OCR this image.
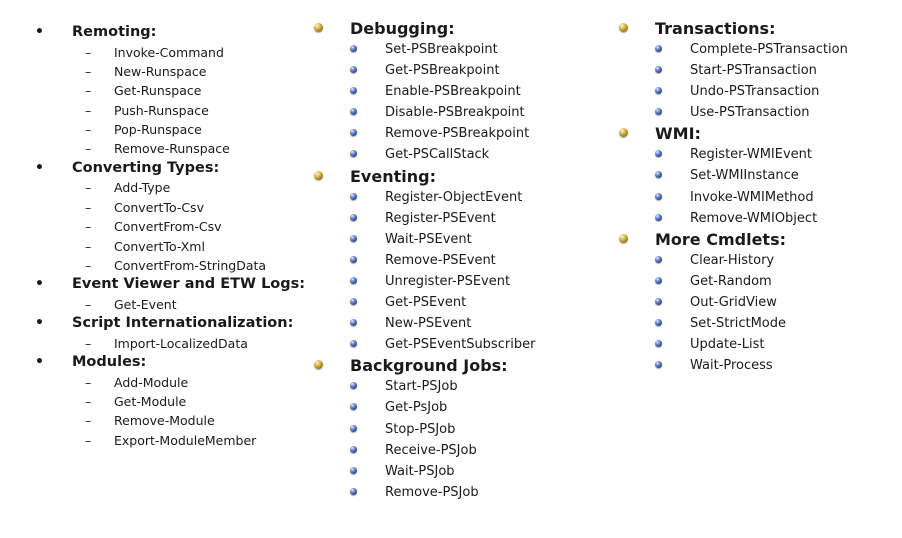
• Remoting:
– Invoke-Command
– New-Runspace
– Get-Runspace
– Push-Runspace
– Pop-Runspace
– Remove-Runspace
• Converting Types:
– Add-Type
– ConvertTo-Csv
– ConvertFrom-Csv
– ConvertTo-Xml
– ConvertFrom-StringData
• Event Viewer and ETW Logs:
– Get-Event
• Script Internationalization:
– Import-LocalizedData
• Modules:
– Add-Module
– Get-Module
– Remove-Module
– Export-ModuleMember
Debugging:
Set-PSBreakpoint
Get-PSBreakpoint
Enable-PSBreakpoint
Disable-PSBreakpoint
Remove-PSBreakpoint
Get-PSCallStack
Eventing:
Register-ObjectEvent
Register-PSEvent
Wait-PSEvent
Remove-PSEvent
Unregister-PSEvent
Get-PSEvent
New-PSEvent
Get-PSEventSubscriber
Background Jobs:
Start-PSJob
Get-PsJob
Stop-PSJob
Receive-PSJob
Wait-PSJob
Remove-PSJob
Transactions:
Complete-PSTransaction
Start-PSTransaction
Undo-PSTransaction
Use-PSTransaction
WMI:
Register-WMIEvent
Set-WMIInstance
Invoke-WMIMethod
Remove-WMIObject
More Cmdlets:
Clear-History
Get-Random
Out-GridView
Set-StrictMode
Update-List
Wait-Process
